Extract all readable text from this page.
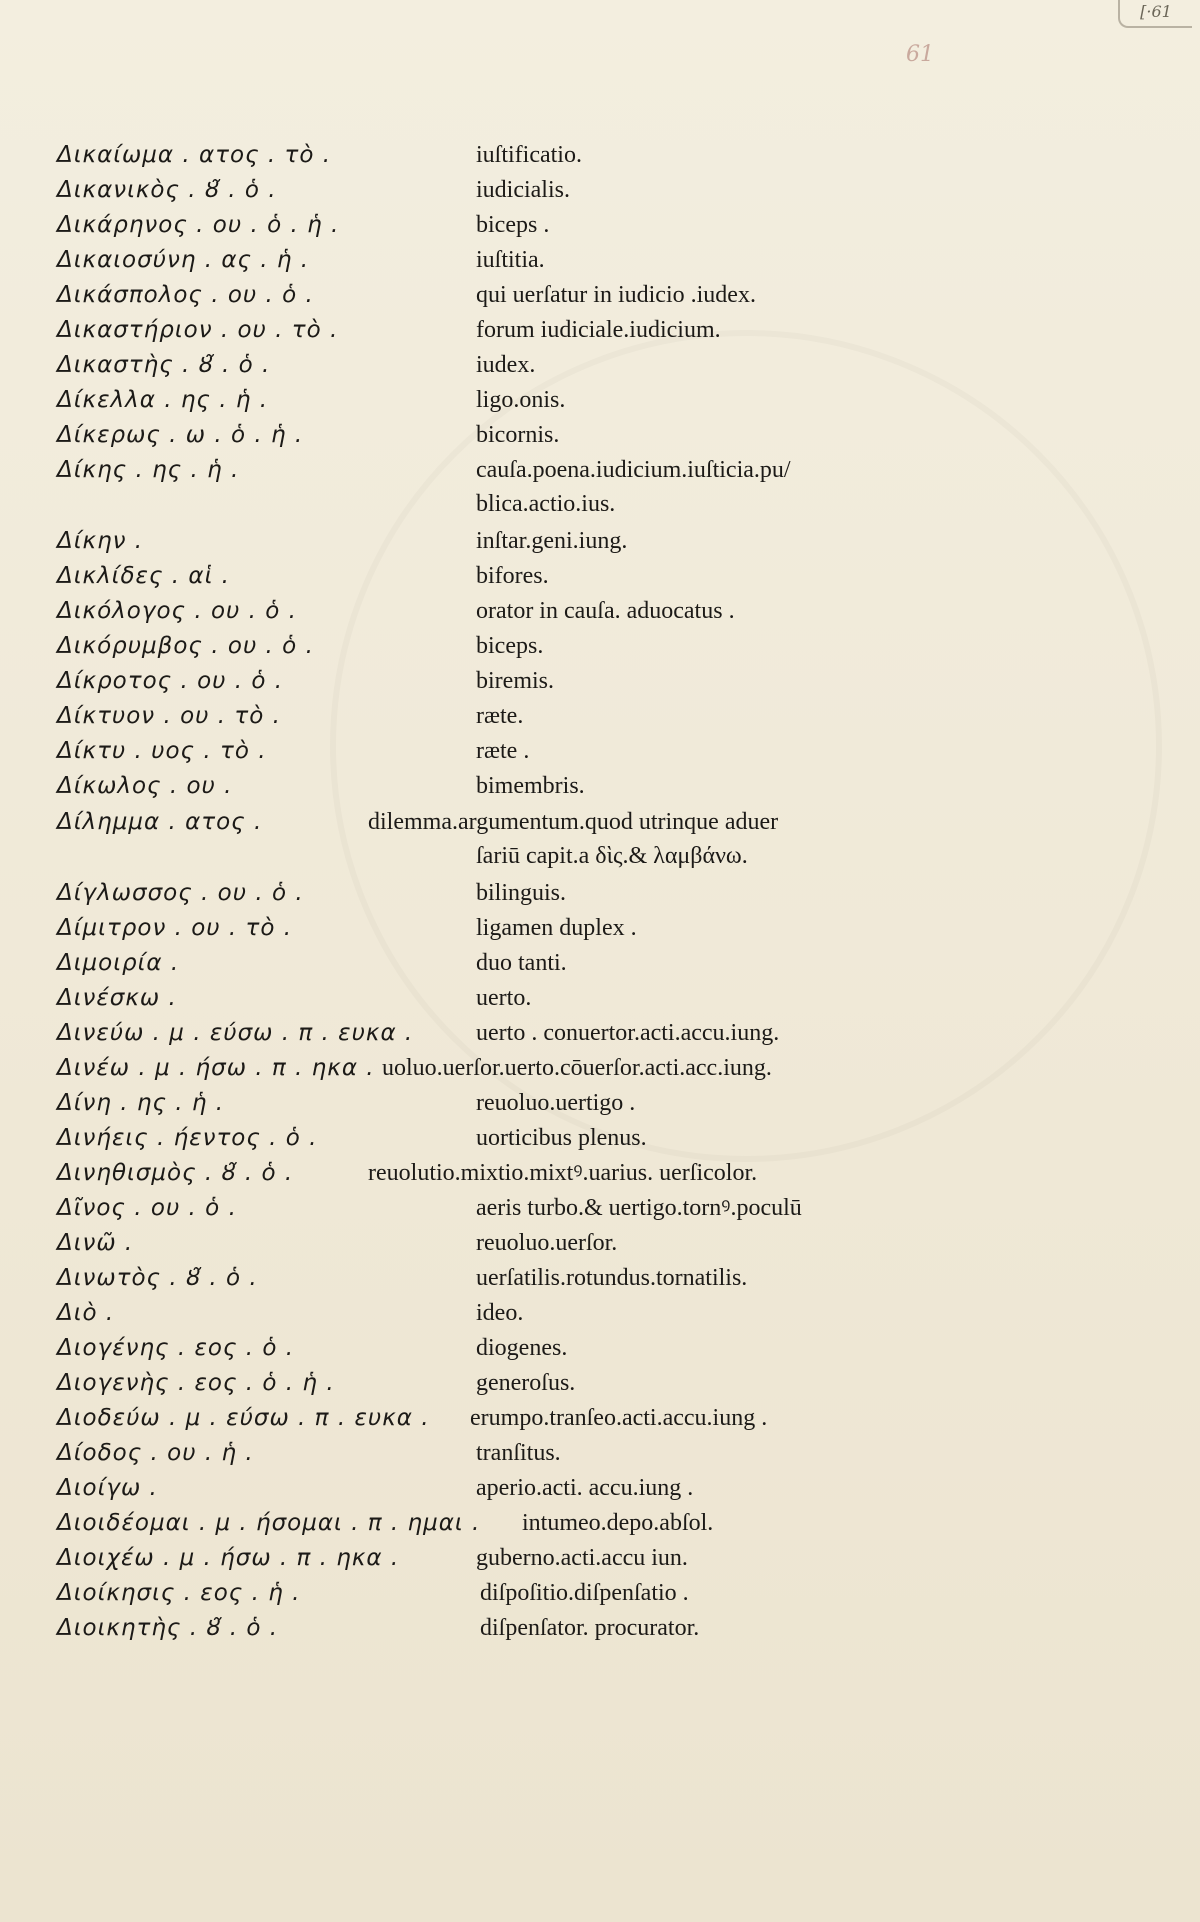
[·61
61
Δικαίωμα . ατος . τὸ .	iuſtificatio.
Δικανικὸς . ȣ̃ . ὁ .	iudicialis.
Δικάρηνος . ου . ὁ . ἡ .	biceps .
Δικαιοσύνη . ας . ἡ .	iuſtitia.
Δικάσπολος . ου . ὁ .	qui uerſatur in iudicio .iudex.
Δικαστήριον . ου . τὸ .	forum iudiciale.iudicium.
Δικαστὴς . ȣ̃ . ὁ .	iudex.
Δίκελλα . ης . ἡ .	ligo.onis.
Δίκερως . ω . ὁ . ἡ .	bicornis.
Δίκης . ης . ἡ .	cauſa.poena.iudicium.iuſticia.pu/
blica.actio.ius.
Δίκην .	inſtar.geni.iung.
Δικλίδες . αἱ .	bifores.
Δικόλογος . ου . ὁ .	orator in cauſa. aduocatus .
Δικόρυμβος . ου . ὁ .	biceps.
Δίκροτος . ου . ὁ .	biremis.
Δίκτυον . ου . τὸ .	ræte.
Δίκτυ . υος . τὸ .	ræte .
Δίκωλος . ου .	bimembris.
Δίλημμα . ατος .	dilemma.argumentum.quod utrinque aduer
ſariū capit.a δὶς.& λαμβάνω.
Δίγλωσσος . ου . ὁ .	bilinguis.
Δίμιτρον . ου . τὸ .	ligamen duplex .
Διμοιρία .	duo tanti.
Δινέσκω .	uerto.
Δινεύω . μ . εύσω . π . ευκα .	uerto . conuertor.acti.accu.iung.
Δινέω . μ . ήσω . π . ηκα . uoluo.uerſor.uerto.cōuerſor.acti.acc.iung.
Δίνη . ης . ἡ .	reuoluo.uertigo .
Δινήεις . ήεντος . ὁ .	uorticibus plenus.
Δινηθισμὸς . ȣ̃ . ὁ .	reuolutio.mixtio.mixtꝰ.uarius. uerſicolor.
Δῖνος . ου . ὁ .	aeris turbo.& uertigo.tornꝰ.poculū
Δινῶ .	reuoluo.uerſor.
Δινωτὸς . ȣ̃ . ὁ .	uerſatilis.rotundus.tornatilis.
Διὸ .	ideo.
Διογένης . εος . ὁ .	diogenes.
Διογενὴς . εος . ὁ . ἡ .	generoſus.
Διοδεύω . μ . εύσω . π . ευκα . erumpo.tranſeo.acti.accu.iung .
Δίοδος . ου . ἡ .	tranſitus.
Διοίγω .	aperio.acti. accu.iung .
Διοιδέομαι . μ . ήσομαι . π . ημαι . intumeo.depo.abſol.
Διοιχέω . μ . ήσω . π . ηκα .	guberno.acti.accu iun.
Διοίκησις . εος . ἡ .	diſpoſitio.diſpenſatio .
Διοικητὴς . ȣ̃ . ὁ .	diſpenſator. procurator.
